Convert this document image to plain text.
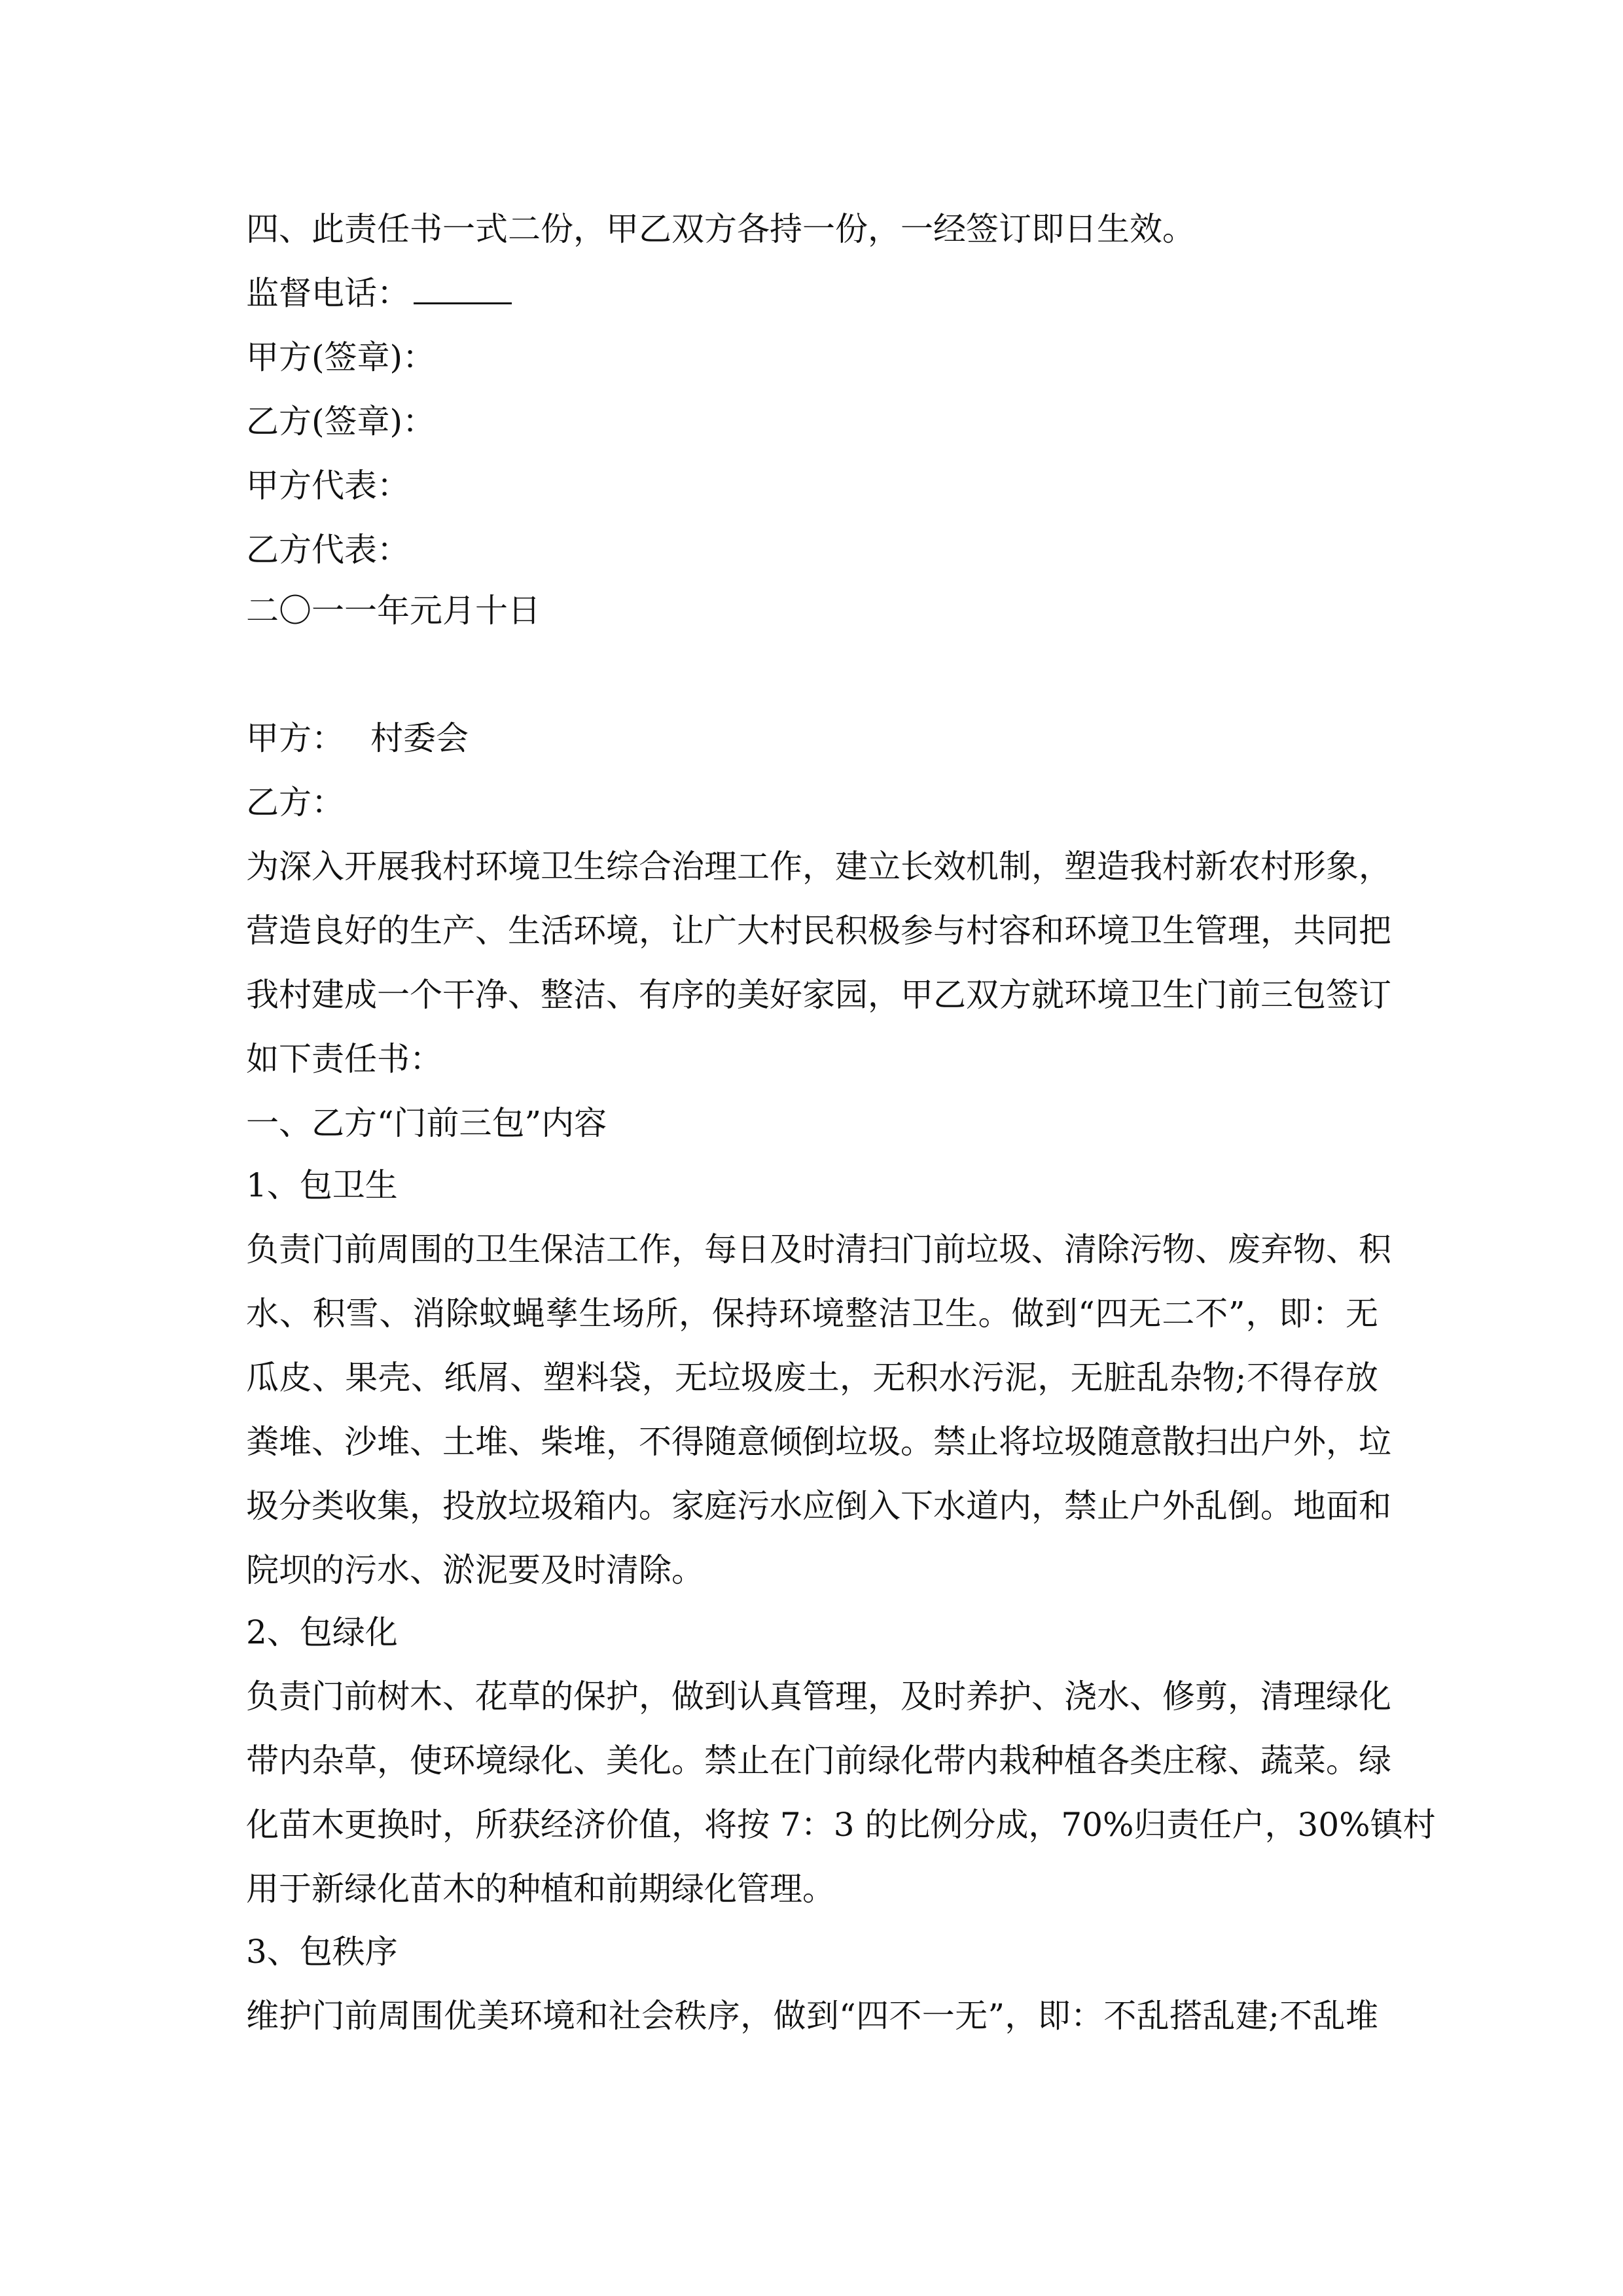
四、此责任书一式二份，甲乙双方各持一份，一经签订即日生效。
监督电话：
甲方(签章)：
乙方(签章)：
甲方代表：
乙方代表：
二〇一一年元月十日
甲方： 村委会
乙方：
为深入开展我村环境卫生综合治理工作，建立长效机制，塑造我村新农村形象，
营造良好的生产、生活环境，让广大村民积极参与村容和环境卫生管理，共同把
我村建成一个干净、整洁、有序的美好家园，甲乙双方就环境卫生门前三包签订
如下责任书：
一、乙方“门前三包”内容
1、包卫生
负责门前周围的卫生保洁工作，每日及时清扫门前垃圾、清除污物、废弃物、积
水、积雪、消除蚊蝇孳生场所，保持环境整洁卫生。做到“四无二不”，即：无
瓜皮、果壳、纸屑、塑料袋，无垃圾废土，无积水污泥，无脏乱杂物;不得存放
粪堆、沙堆、土堆、柴堆，不得随意倾倒垃圾。禁止将垃圾随意散扫出户外，垃
圾分类收集，投放垃圾箱内。家庭污水应倒入下水道内，禁止户外乱倒。地面和
院坝的污水、淤泥要及时清除。
2、包绿化
负责门前树木、花草的保护，做到认真管理，及时养护、浇水、修剪，清理绿化
带内杂草，使环境绿化、美化。禁止在门前绿化带内栽种植各类庄稼、蔬菜。绿
化苗木更换时，所获经济价值，将按 7：3 的比例分成，70%归责任户，30%镇村
用于新绿化苗木的种植和前期绿化管理。
3、包秩序
维护门前周围优美环境和社会秩序，做到“四不一无”，即：不乱搭乱建;不乱堆
